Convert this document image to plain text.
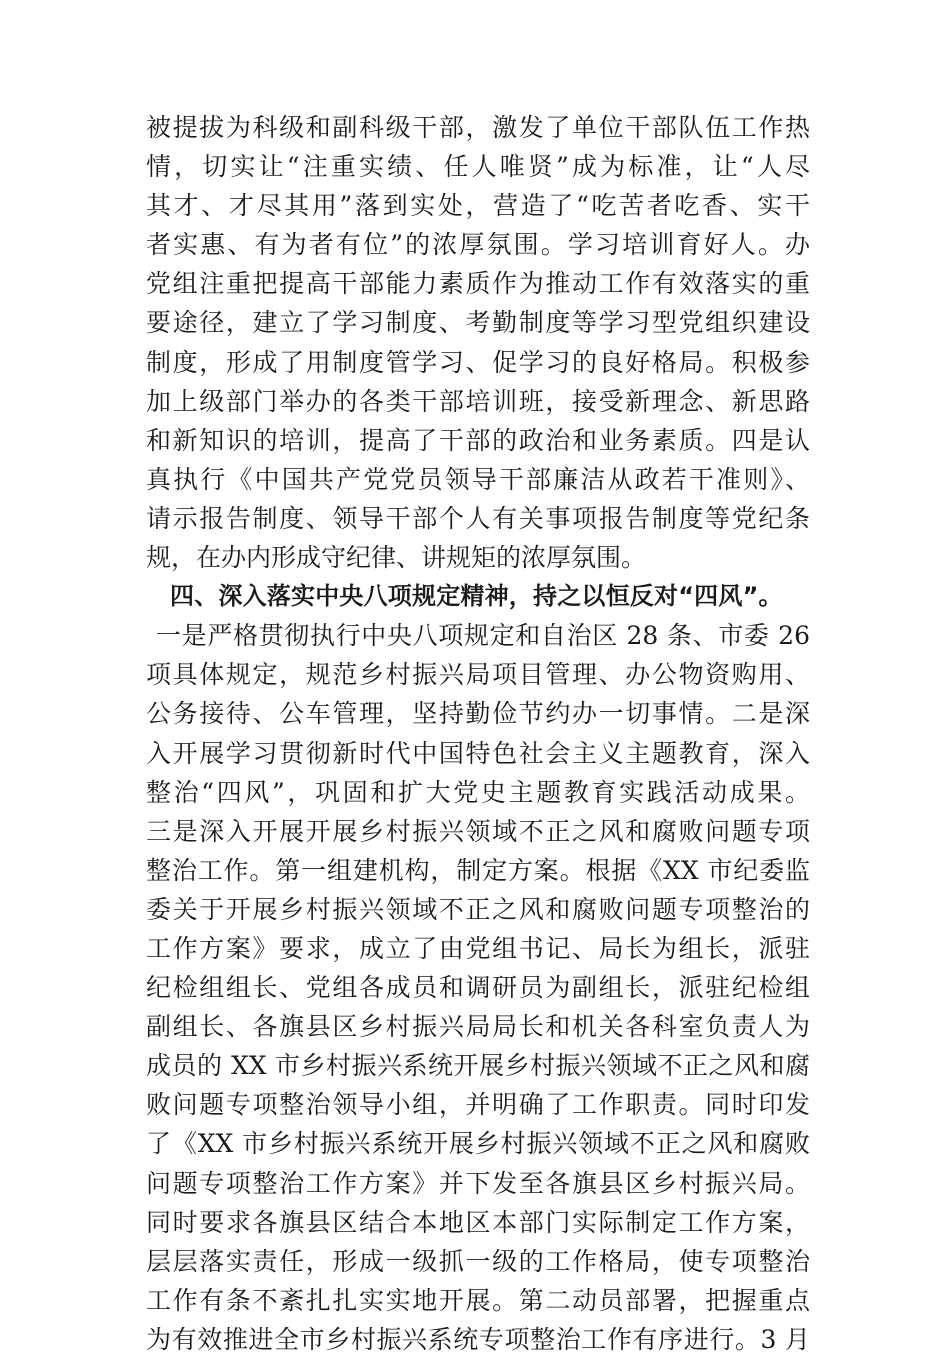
被提拔为科级和副科级干部，激发了单位干部队伍工作热
情，切实让“注重实绩、任人唯贤”成为标准，让“人尽
其才、才尽其用”落到实处，营造了“吃苦者吃香、实干
者实惠、有为者有位”的浓厚氛围。学习培训育好人。办
党组注重把提高干部能力素质作为推动工作有效落实的重
要途径，建立了学习制度、考勤制度等学习型党组织建设
制度，形成了用制度管学习、促学习的良好格局。积极参
加上级部门举办的各类干部培训班，接受新理念、新思路
和新知识的培训，提高了干部的政治和业务素质。四是认
真执行《中国共产党党员领导干部廉洁从政若干准则》、
请示报告制度、领导干部个人有关事项报告制度等党纪条
规，在办内形成守纪律、讲规矩的浓厚氛围。
四、深入落实中央八项规定精神，持之以恒反对“四风”。
一是严格贯彻执行中央八项规定和自治区 28 条、市委 26
项具体规定，规范乡村振兴局项目管理、办公物资购用、
公务接待、公车管理，坚持勤俭节约办一切事情。二是深
入开展学习贯彻新时代中国特色社会主义主题教育，深入
整治“四风”，巩固和扩大党史主题教育实践活动成果。
三是深入开展开展乡村振兴领域不正之风和腐败问题专项
整治工作。第一组建机构，制定方案。根据《XX 市纪委监
委关于开展乡村振兴领域不正之风和腐败问题专项整治的
工作方案》要求，成立了由党组书记、局长为组长，派驻
纪检组组长、党组各成员和调研员为副组长，派驻纪检组
副组长、各旗县区乡村振兴局局长和机关各科室负责人为
成员的 XX 市乡村振兴系统开展乡村振兴领域不正之风和腐
败问题专项整治领导小组，并明确了工作职责。同时印发
了《XX 市乡村振兴系统开展乡村振兴领域不正之风和腐败
问题专项整治工作方案》并下发至各旗县区乡村振兴局。
同时要求各旗县区结合本地区本部门实际制定工作方案，
层层落实责任，形成一级抓一级的工作格局，使专项整治
工作有条不紊扎扎实实地开展。第二动员部署，把握重点
为有效推进全市乡村振兴系统专项整治工作有序进行。3 月
